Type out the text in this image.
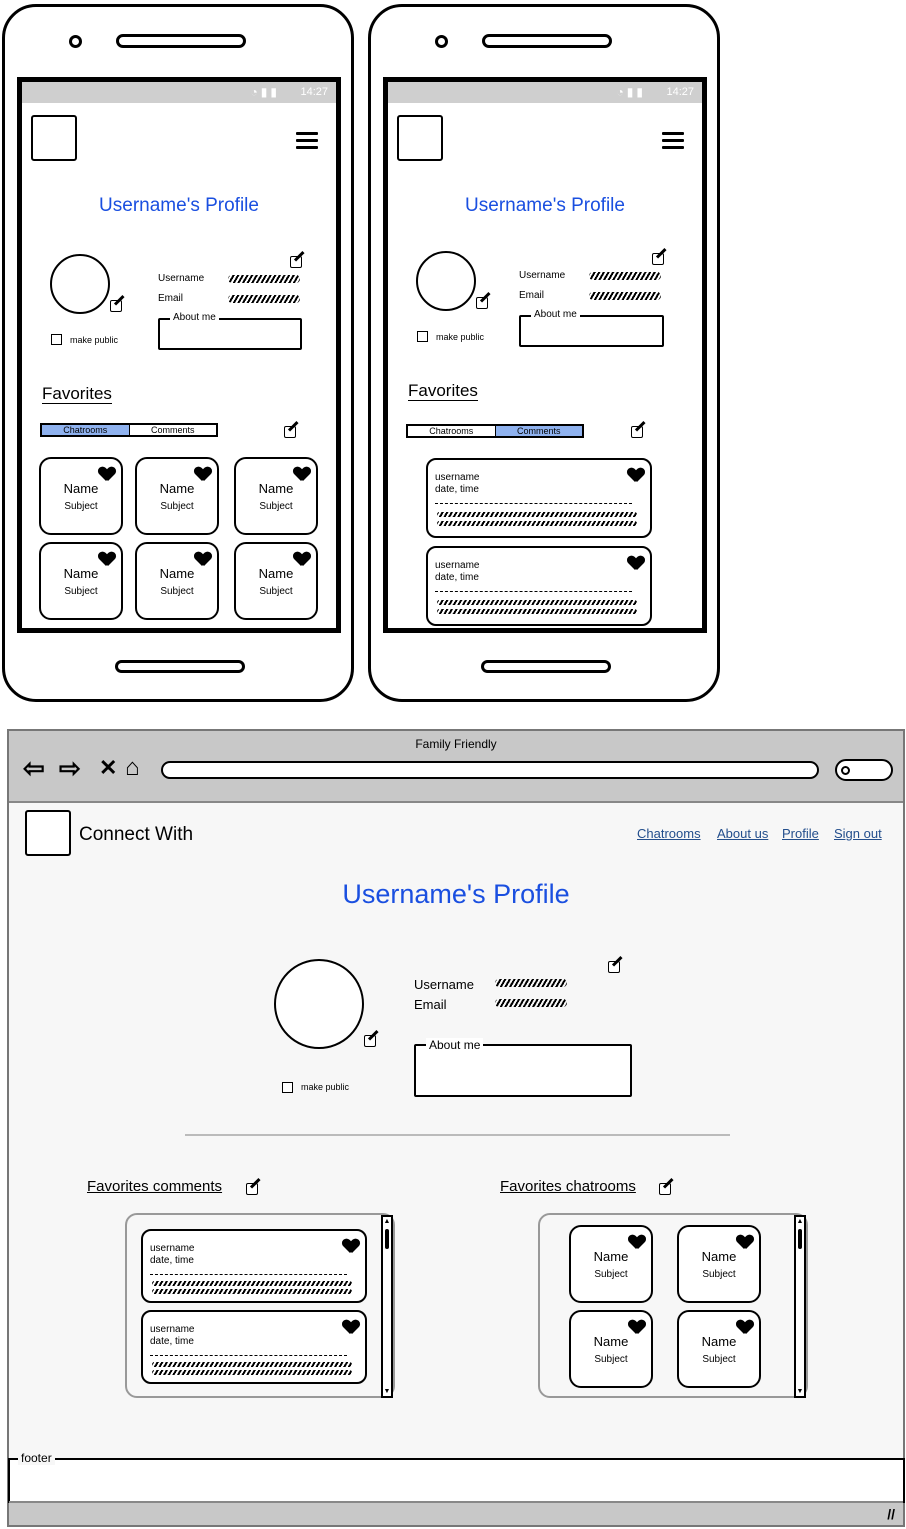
◔▮▮ 14:27
Username's Profile
make public
Username
Email
About me
Favorites
Chatrooms	Comments
Name
Subject
Name
Subject
Name
Subject
Name
Subject
Name
Subject
Name
Subject
◔▮▮ 14:27
Username's Profile
make public
Username
Email
About me
Favorites
Chatrooms	Comments
username
date, time
username
date, time
Family Friendly
⇦ ⇨ ✕ ⌂
Connect With	Chatrooms About us Profile Sign out
Username's Profile
make public
Username
Email
About me
Favorites comments
username
date, time
username
date, time
▲
▼
Favorites chatrooms
Name
Subject
Name
Subject
Name
Subject
Name
Subject
▲
▼
footer
//
